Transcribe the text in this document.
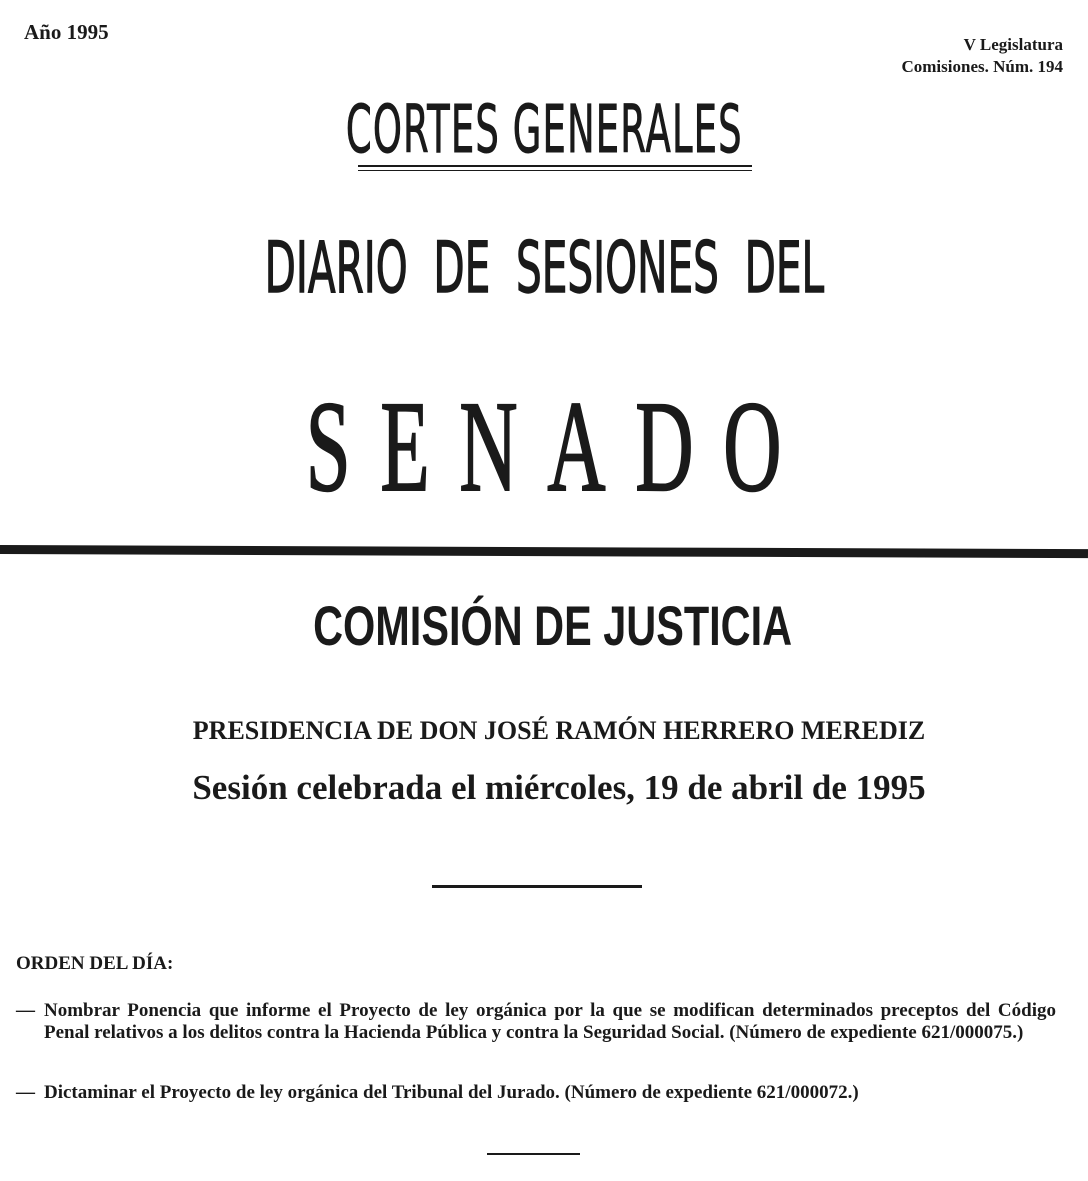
Año 1995
V Legislatura
Comisiones. Núm. 194
CORTES GENERALES
DIARIO DE SESIONES DEL
SENADO
COMISIÓN DE JUSTICIA
PRESIDENCIA DE DON JOSÉ RAMÓN HERRERO MEREDIZ
Sesión celebrada el miércoles, 19 de abril de 1995
ORDEN DEL DÍA:
— Nombrar Ponencia que informe el Proyecto de ley orgánica por la que se modifican determinados preceptos del Código Penal relativos a los delitos contra la Hacienda Pública y contra la Seguridad Social. (Número de expediente 621/000075.)
— Dictaminar el Proyecto de ley orgánica del Tribunal del Jurado. (Número de expediente 621/000072.)
